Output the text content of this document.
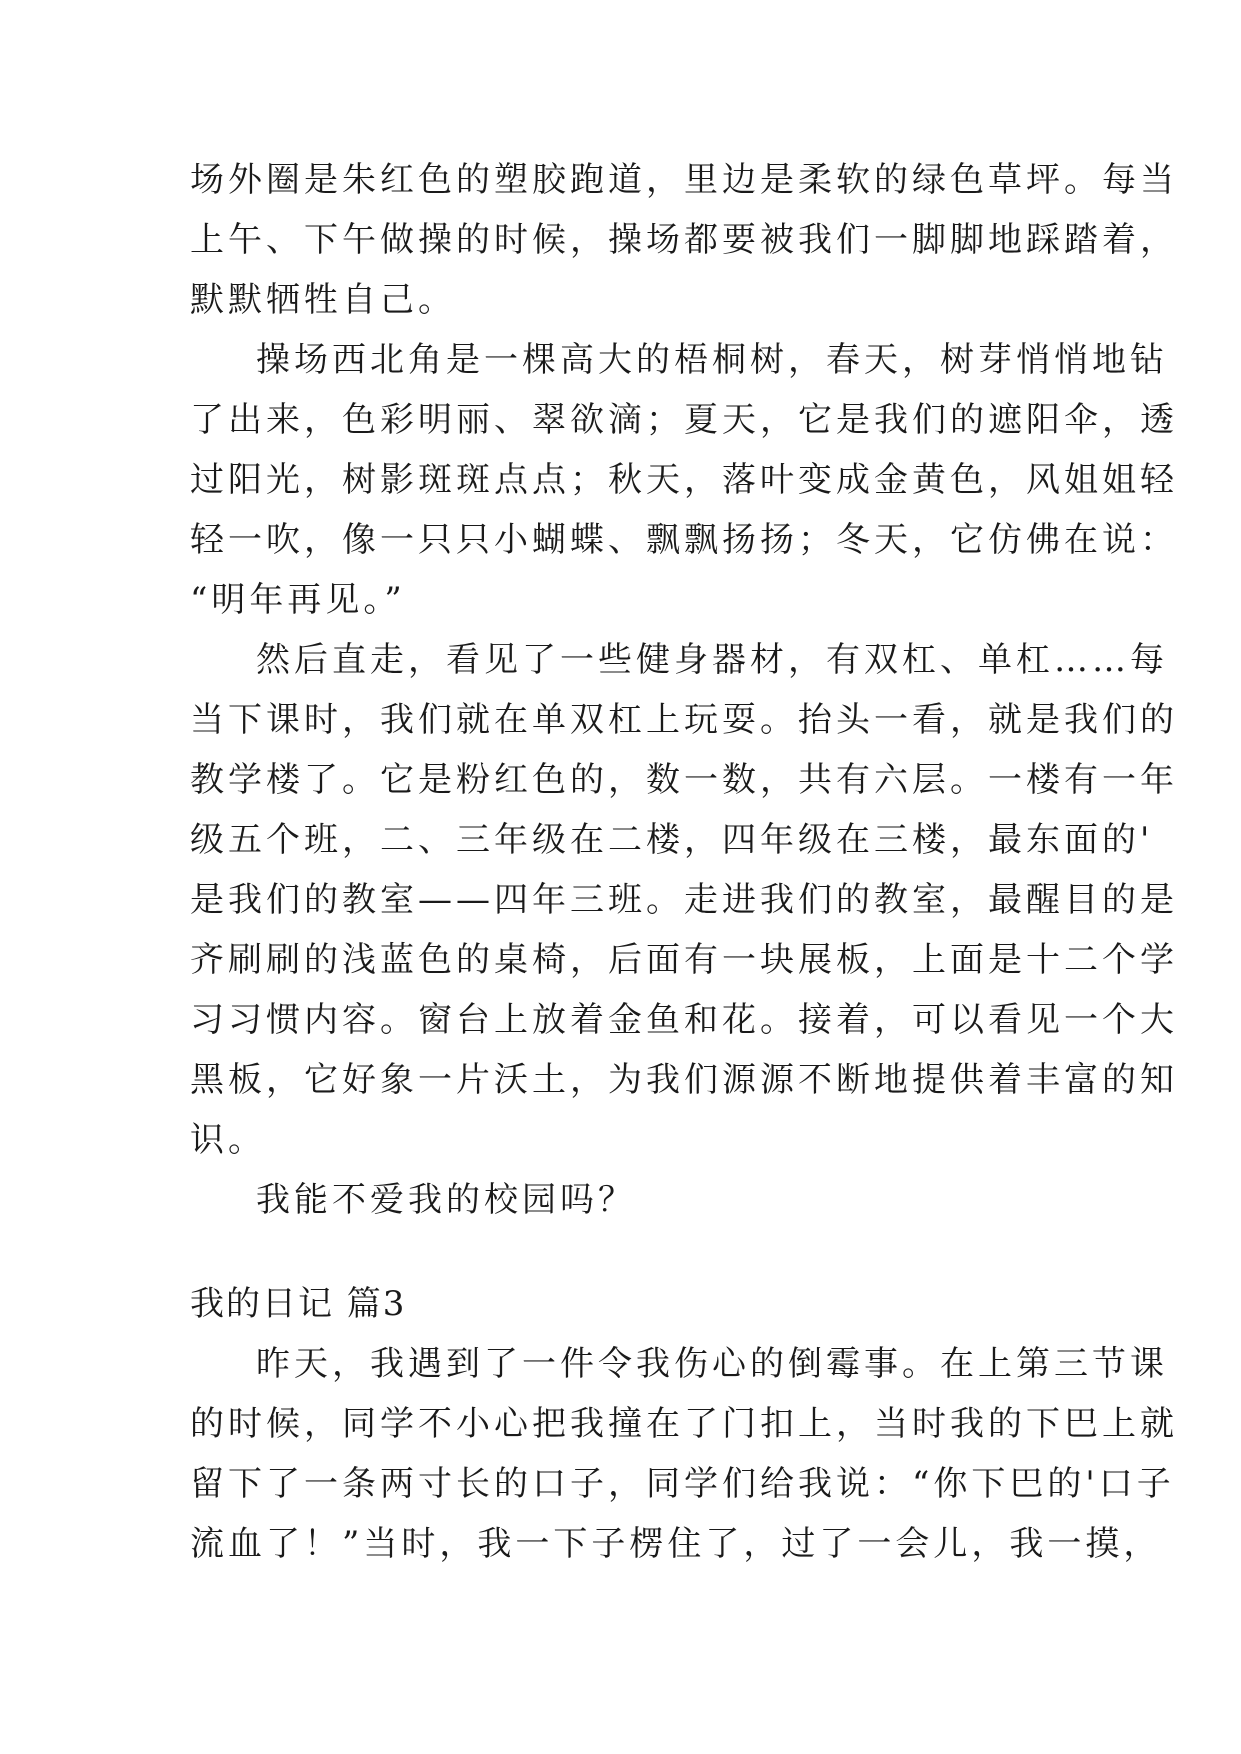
场外圈是朱红色的塑胶跑道，里边是柔软的绿色草坪。每当
上午、下午做操的时候，操场都要被我们一脚脚地踩踏着，
默默牺牲自己。
操场西北角是一棵高大的梧桐树，春天，树芽悄悄地钻
了出来，色彩明丽、翠欲滴；夏天，它是我们的遮阳伞，透
过阳光，树影斑斑点点；秋天，落叶变成金黄色，风姐姐轻
轻一吹，像一只只小蝴蝶、飘飘扬扬；冬天，它仿佛在说：
“明年再见。”
然后直走，看见了一些健身器材，有双杠、单杠……每
当下课时，我们就在单双杠上玩耍。抬头一看，就是我们的
教学楼了。它是粉红色的，数一数，共有六层。一楼有一年
级五个班，二、三年级在二楼，四年级在三楼，最东面的'
是我们的教室——四年三班。走进我们的教室，最醒目的是
齐刷刷的浅蓝色的桌椅，后面有一块展板，上面是十二个学
习习惯内容。窗台上放着金鱼和花。接着，可以看见一个大
黑板，它好象一片沃土，为我们源源不断地提供着丰富的知
识。
我能不爱我的校园吗？
我的日记 篇3
昨天，我遇到了一件令我伤心的倒霉事。在上第三节课
的时候，同学不小心把我撞在了门扣上，当时我的下巴上就
留下了一条两寸长的口子，同学们给我说：“你下巴的'口子
流血了！”当时，我一下子楞住了，过了一会儿，我一摸，
